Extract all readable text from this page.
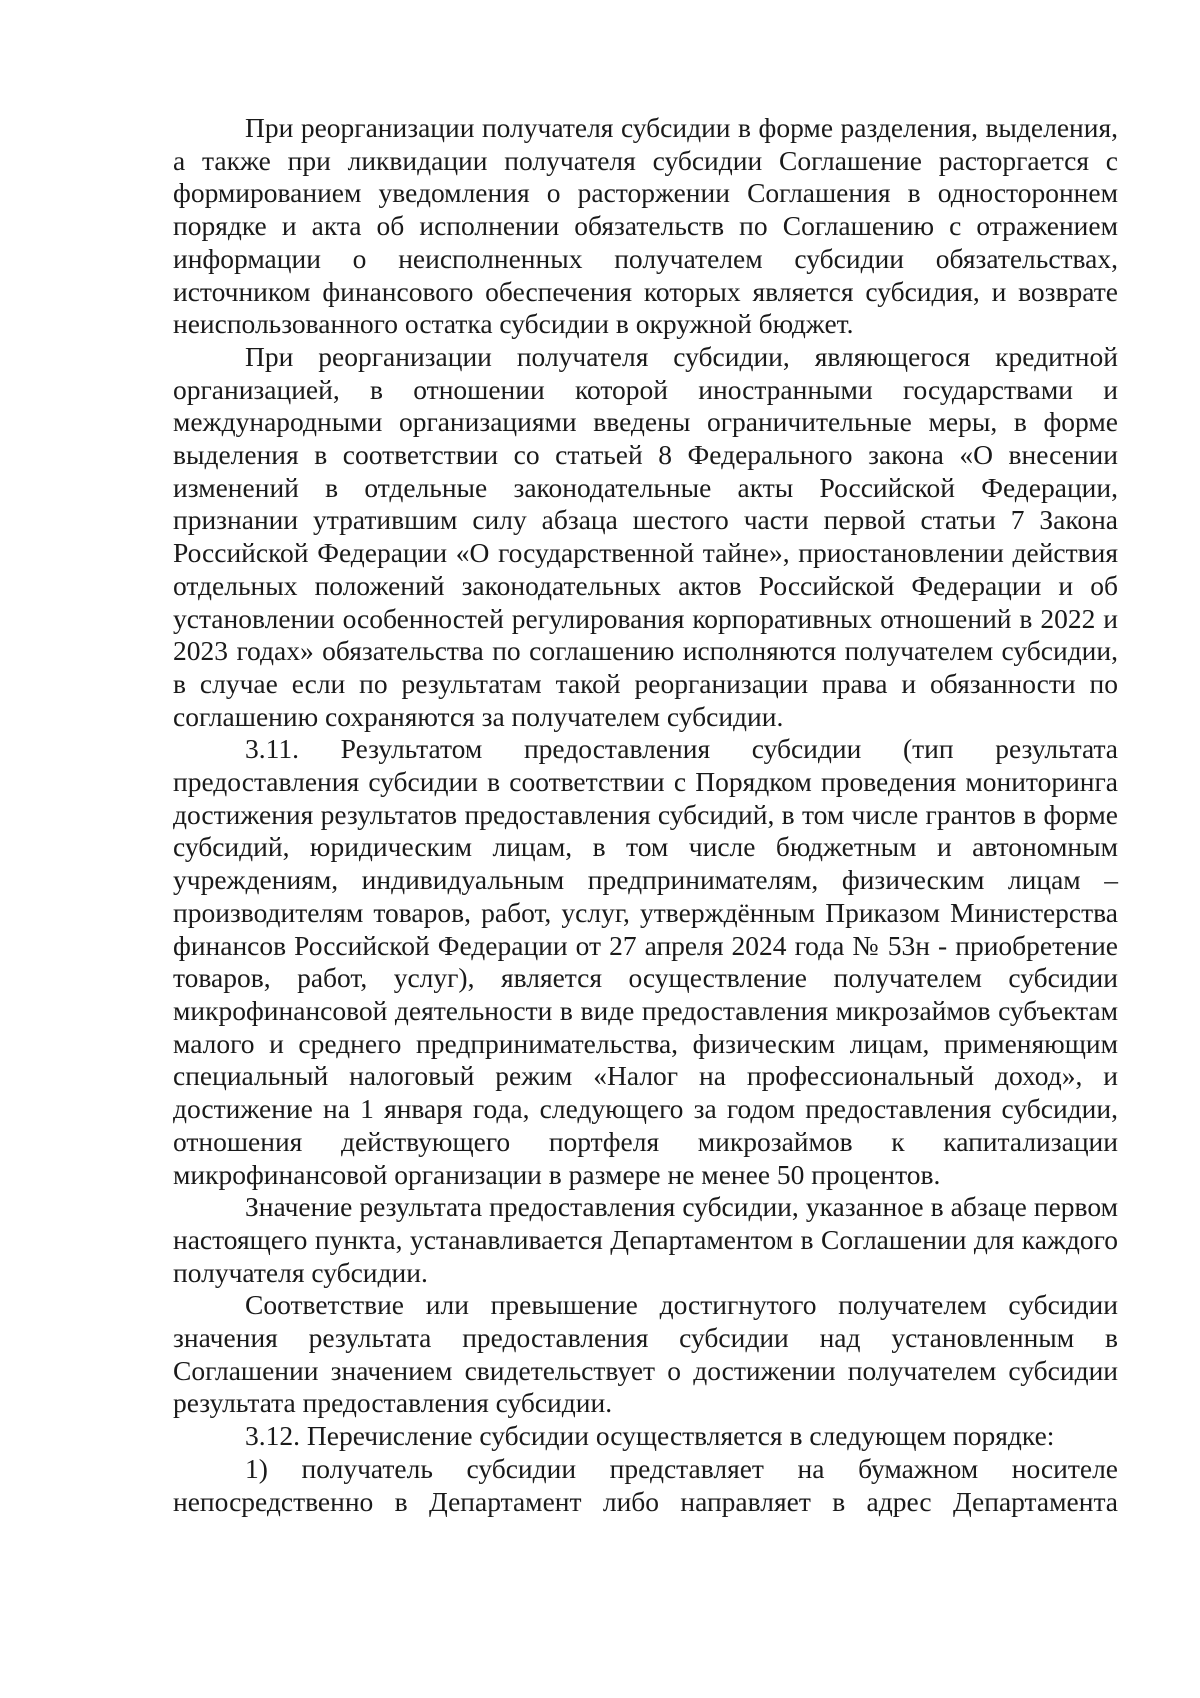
При реорганизации получателя субсидии в форме разделения, выделения, а также при ликвидации получателя субсидии Соглашение расторгается с формированием уведомления о расторжении Соглашения в одностороннем порядке и акта об исполнении обязательств по Соглашению с отражением информации о неисполненных получателем субсидии обязательствах, источником финансового обеспечения которых является субсидия, и возврате неиспользованного остатка субсидии в окружной бюджет.

При реорганизации получателя субсидии, являющегося кредитной организацией, в отношении которой иностранными государствами и международными организациями введены ограничительные меры, в форме выделения в соответствии со статьей 8 Федерального закона «О внесении изменений в отдельные законодательные акты Российской Федерации, признании утратившим силу абзаца шестого части первой статьи 7 Закона Российской Федерации «О государственной тайне», приостановлении действия отдельных положений законодательных актов Российской Федерации и об установлении особенностей регулирования корпоративных отношений в 2022 и 2023 годах» обязательства по соглашению исполняются получателем субсидии, в случае если по результатам такой реорганизации права и обязанности по соглашению сохраняются за получателем субсидии.

3.11. Результатом предоставления субсидии (тип результата предоставления субсидии в соответствии с Порядком проведения мониторинга достижения результатов предоставления субсидий, в том числе грантов в форме субсидий, юридическим лицам, в том числе бюджетным и автономным учреждениям, индивидуальным предпринимателям, физическим лицам – производителям товаров, работ, услуг, утверждённым Приказом Министерства финансов Российской Федерации от 27 апреля 2024 года № 53н - приобретение товаров, работ, услуг), является осуществление получателем субсидии микрофинансовой деятельности в виде предоставления микрозаймов субъектам малого и среднего предпринимательства, физическим лицам, применяющим специальный налоговый режим «Налог на профессиональный доход», и достижение на 1 января года, следующего за годом предоставления субсидии, отношения действующего портфеля микрозаймов к капитализации микрофинансовой организации в размере не менее 50 процентов.

Значение результата предоставления субсидии, указанное в абзаце первом настоящего пункта, устанавливается Департаментом в Соглашении для каждого получателя субсидии.

Соответствие или превышение достигнутого получателем субсидии значения результата предоставления субсидии над установленным в Соглашении значением свидетельствует о достижении получателем субсидии результата предоставления субсидии.

3.12. Перечисление субсидии осуществляется в следующем порядке:

1) получатель субсидии представляет на бумажном носителе непосредственно в Департамент либо направляет в адрес Департамента
